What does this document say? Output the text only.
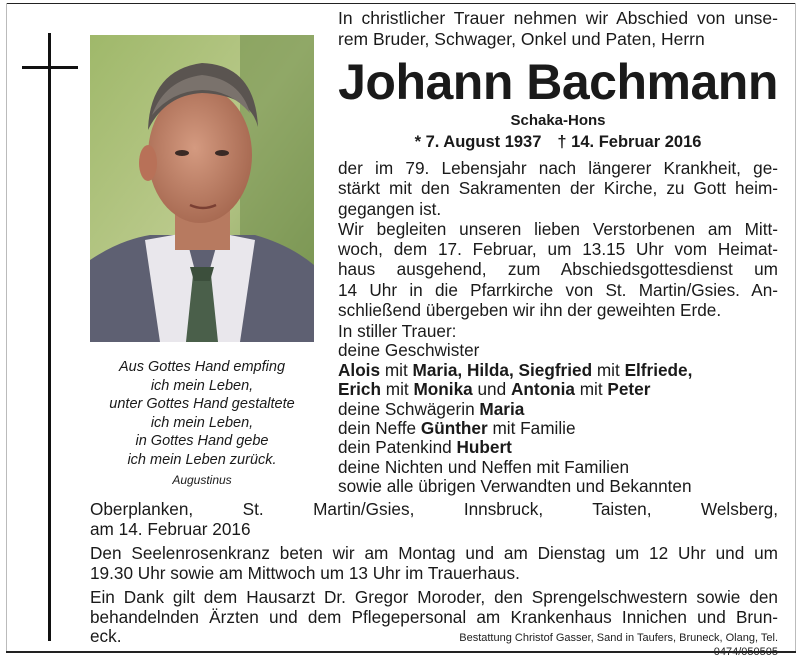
Aus Gottes Hand empfing
ich mein Leben,
unter Gottes Hand gestaltete
ich mein Leben,
in Gottes Hand gebe
ich mein Leben zurück.
Augustinus
In christlicher Trauer nehmen wir Abschied von unse-
rem Bruder, Schwager, Onkel und Paten, Herrn
Johann Bachmann
Schaka-Hons
* 7. August 1937 † 14. Februar 2016
der im 79. Lebensjahr nach längerer Krankheit, ge-
stärkt mit den Sakramenten der Kirche, zu Gott heim-
gegangen ist.
Wir begleiten unseren lieben Verstorbenen am Mitt-
woch, dem 17. Februar, um 13.15 Uhr vom Heimat-
haus ausgehend, zum Abschiedsgottesdienst um
14 Uhr in die Pfarrkirche von St. Martin/Gsies. An-
schließend übergeben wir ihn der geweihten Erde.
In stiller Trauer:
deine Geschwister
Alois mit Maria, Hilda, Siegfried mit Elfriede,
Erich mit Monika und Antonia mit Peter
deine Schwägerin Maria
dein Neffe Günther mit Familie
dein Patenkind Hubert
deine Nichten und Neffen mit Familien
sowie alle übrigen Verwandten und Bekannten
Oberplanken, St. Martin/Gsies, Innsbruck, Taisten, Welsberg,
am 14. Februar 2016
Den Seelenrosenkranz beten wir am Montag und am Dienstag um 12 Uhr und um
19.30 Uhr sowie am Mittwoch um 13 Uhr im Trauerhaus.
Ein Dank gilt dem Hausarzt Dr. Gregor Moroder, den Sprengelschwestern sowie den
behandelnden Ärzten und dem Pflegepersonal am Krankenhaus Innichen und Brun-
eck.	Bestattung Christof Gasser, Sand in Taufers, Bruneck, Olang, Tel. 0474/050505
